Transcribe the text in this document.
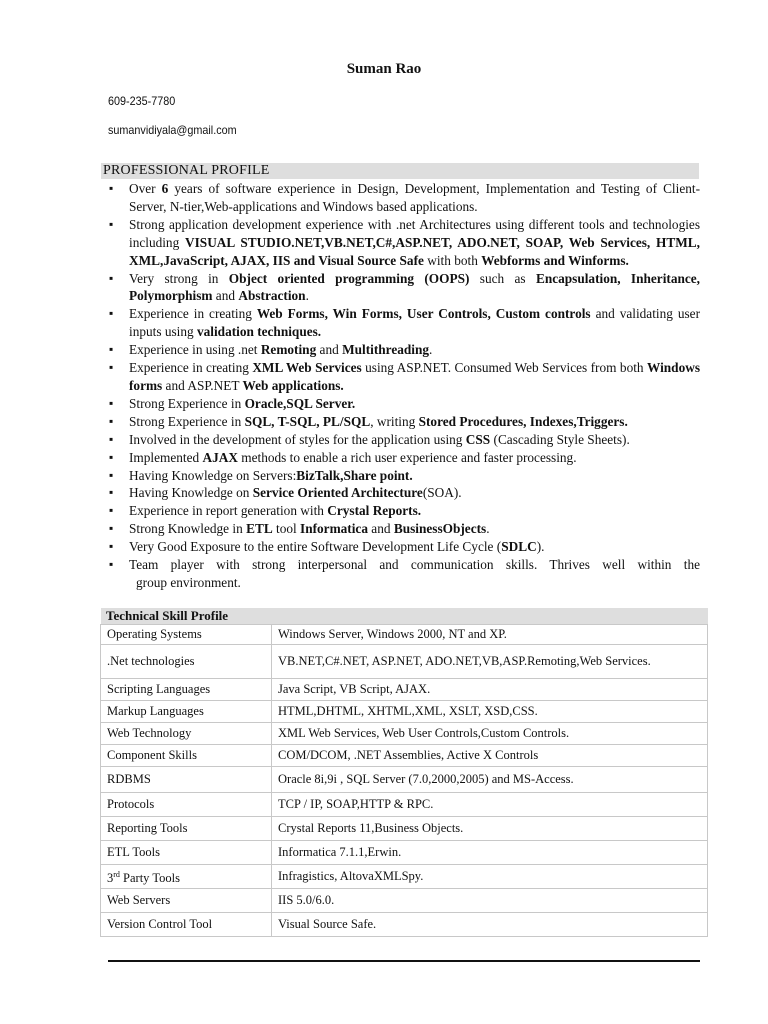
Suman Rao
609-235-7780
sumanvidiyala@gmail.com
PROFESSIONAL PROFILE
▪ Over 6 years of software experience in Design, Development, Implementation and Testing of Client-Server, N-tier,Web-applications and Windows based applications.
▪ Strong application development experience with .net Architectures using different tools and technologies including VISUAL STUDIO.NET,VB.NET,C#,ASP.NET, ADO.NET, SOAP, Web Services, HTML, XML,JavaScript, AJAX, IIS and Visual Source Safe with both Webforms and Winforms.
▪ Very strong in Object oriented programming (OOPS) such as Encapsulation, Inheritance, Polymorphism and Abstraction.
▪ Experience in creating Web Forms, Win Forms, User Controls, Custom controls and validating user inputs using validation techniques.
▪ Experience in using .net Remoting and Multithreading.
▪ Experience in creating XML Web Services using ASP.NET. Consumed Web Services from both Windows forms and ASP.NET Web applications.
▪ Strong Experience in Oracle,SQL Server.
▪ Strong Experience in SQL, T-SQL, PL/SQL, writing Stored Procedures, Indexes,Triggers.
▪ Involved in the development of styles for the application using CSS (Cascading Style Sheets).
▪ Implemented AJAX methods to enable a rich user experience and faster processing.
▪ Having Knowledge on Servers:BizTalk,Share point.
▪ Having Knowledge on Service Oriented Architecture(SOA).
▪ Experience in report generation with Crystal Reports.
▪ Strong Knowledge in ETL tool Informatica and BusinessObjects.
▪ Very Good Exposure to the entire Software Development Life Cycle (SDLC).
▪ Team player with strong interpersonal and communication skills. Thrives well within the
group environment.
Technical Skill Profile
Operating Systems	Windows Server, Windows 2000, NT and XP.
.Net technologies	VB.NET,C#.NET, ASP.NET, ADO.NET,VB,ASP.Remoting,Web Services.
Scripting Languages	Java Script, VB Script, AJAX.
Markup Languages	HTML,DHTML, XHTML,XML, XSLT, XSD,CSS.
Web Technology	XML Web Services, Web User Controls,Custom Controls.
Component Skills	COM/DCOM, .NET Assemblies, Active X Controls
RDBMS	Oracle 8i,9i , SQL Server (7.0,2000,2005) and MS-Access.
Protocols	TCP / IP, SOAP,HTTP & RPC.
Reporting Tools	Crystal Reports 11,Business Objects.
ETL Tools	Informatica 7.1.1,Erwin.
3rd Party Tools	Infragistics, AltovaXMLSpy.
Web Servers	IIS 5.0/6.0.
Version Control Tool	Visual Source Safe.
